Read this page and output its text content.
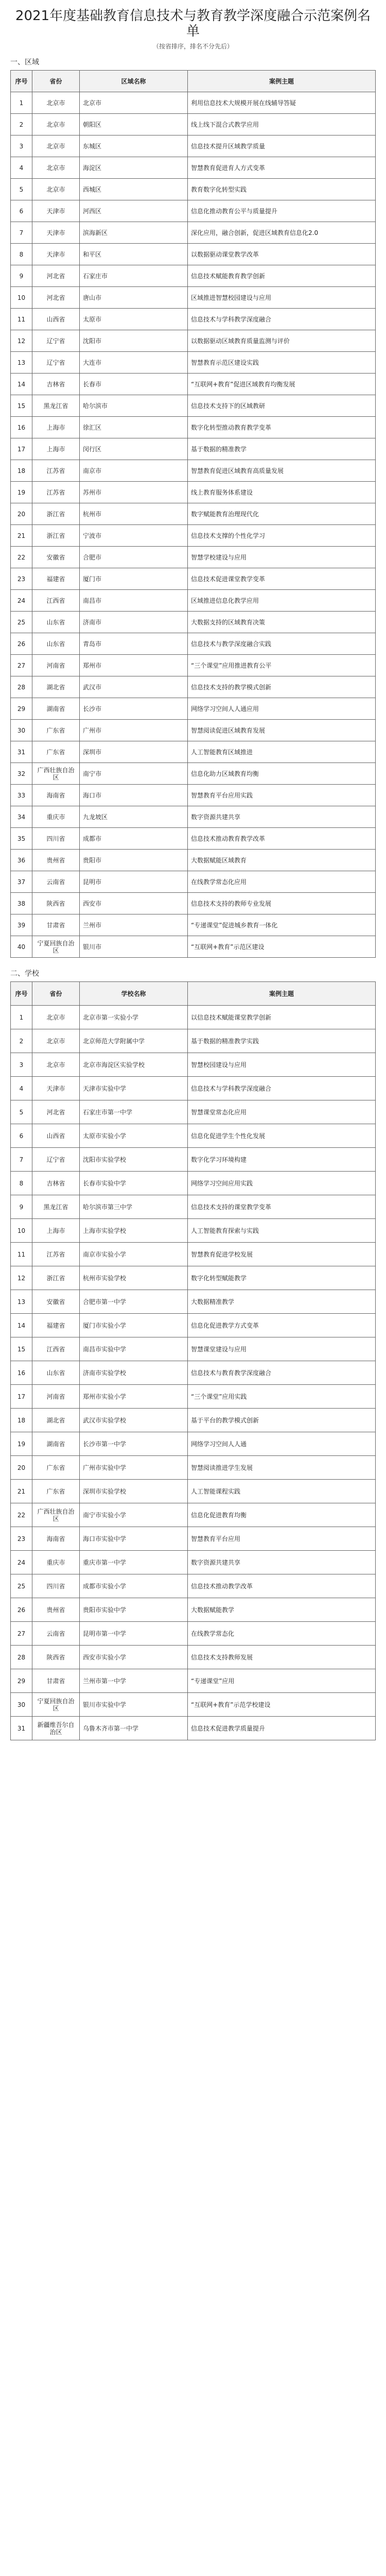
2021年度基础教育信息技术与教育教学深度融合示范案例名单
（按省排序，排名不分先后）
一、区域
序号	省份	区域名称	案例主题
1	北京市	北京市	利用信息技术大规模开展在线辅导答疑
2	北京市	朝阳区	线上线下混合式教学应用
3	北京市	东城区	信息技术提升区域教学质量
4	北京市	海淀区	智慧教育促进育人方式变革
5	北京市	西城区	教育数字化转型实践
6	天津市	河西区	信息化推动教育公平与质量提升
7	天津市	滨海新区	深化应用，融合创新，促进区域教育信息化2.0
8	天津市	和平区	以数据驱动课堂教学改革
9	河北省	石家庄市	信息技术赋能教育教学创新
10	河北省	唐山市	区域推进智慧校园建设与应用
11	山西省	太原市	信息技术与学科教学深度融合
12	辽宁省	沈阳市	以数据驱动区域教育质量监测与评价
13	辽宁省	大连市	智慧教育示范区建设实践
14	吉林省	长春市	“互联网+教育”促进区域教育均衡发展
15	黑龙江省	哈尔滨市	信息技术支持下的区域教研
16	上海市	徐汇区	数字化转型推动教育教学变革
17	上海市	闵行区	基于数据的精准教学
18	江苏省	南京市	智慧教育促进区域教育高质量发展
19	江苏省	苏州市	线上教育服务体系建设
20	浙江省	杭州市	数字赋能教育治理现代化
21	浙江省	宁波市	信息技术支撑的个性化学习
22	安徽省	合肥市	智慧学校建设与应用
23	福建省	厦门市	信息技术促进课堂教学变革
24	江西省	南昌市	区域推进信息化教学应用
25	山东省	济南市	大数据支持的区域教育决策
26	山东省	青岛市	信息技术与教学深度融合实践
27	河南省	郑州市	“三个课堂”应用推进教育公平
28	湖北省	武汉市	信息技术支持的教学模式创新
29	湖南省	长沙市	网络学习空间人人通应用
30	广东省	广州市	智慧阅读促进区域教育发展
31	广东省	深圳市	人工智能教育区域推进
32	广西壮族自治区	南宁市	信息化助力区域教育均衡
33	海南省	海口市	智慧教育平台应用实践
34	重庆市	九龙坡区	数字资源共建共享
35	四川省	成都市	信息技术推动教育教学改革
36	贵州省	贵阳市	大数据赋能区域教育
37	云南省	昆明市	在线教学常态化应用
38	陕西省	西安市	信息技术支持的教师专业发展
39	甘肃省	兰州市	“专递课堂”促进城乡教育一体化
40	宁夏回族自治区	银川市	“互联网+教育”示范区建设
二、学校
序号	省份	学校名称	案例主题
1	北京市	北京市第一实验小学	以信息技术赋能课堂教学创新
2	北京市	北京师范大学附属中学	基于数据的精准教学实践
3	北京市	北京市海淀区实验学校	智慧校园建设与应用
4	天津市	天津市实验中学	信息技术与学科教学深度融合
5	河北省	石家庄市第一中学	智慧课堂常态化应用
6	山西省	太原市实验小学	信息化促进学生个性化发展
7	辽宁省	沈阳市实验学校	数字化学习环境构建
8	吉林省	长春市实验中学	网络学习空间应用实践
9	黑龙江省	哈尔滨市第三中学	信息技术支持的课堂教学变革
10	上海市	上海市实验学校	人工智能教育探索与实践
11	江苏省	南京市实验小学	智慧教育促进学校发展
12	浙江省	杭州市实验学校	数字化转型赋能教学
13	安徽省	合肥市第一中学	大数据精准教学
14	福建省	厦门市实验小学	信息化促进教学方式变革
15	江西省	南昌市实验中学	智慧课堂建设与应用
16	山东省	济南市实验学校	信息技术与教育教学深度融合
17	河南省	郑州市实验小学	“三个课堂”应用实践
18	湖北省	武汉市实验学校	基于平台的教学模式创新
19	湖南省	长沙市第一中学	网络学习空间人人通
20	广东省	广州市实验中学	智慧阅读推进学生发展
21	广东省	深圳市实验学校	人工智能课程实践
22	广西壮族自治区	南宁市实验小学	信息化促进教育均衡
23	海南省	海口市实验中学	智慧教育平台应用
24	重庆市	重庆市第一中学	数字资源共建共享
25	四川省	成都市实验小学	信息技术推动教学改革
26	贵州省	贵阳市实验中学	大数据赋能教学
27	云南省	昆明市第一中学	在线教学常态化
28	陕西省	西安市实验小学	信息技术支持教师发展
29	甘肃省	兰州市第一中学	“专递课堂”应用
30	宁夏回族自治区	银川市实验中学	“互联网+教育”示范学校建设
31	新疆维吾尔自治区	乌鲁木齐市第一中学	信息技术促进教学质量提升
